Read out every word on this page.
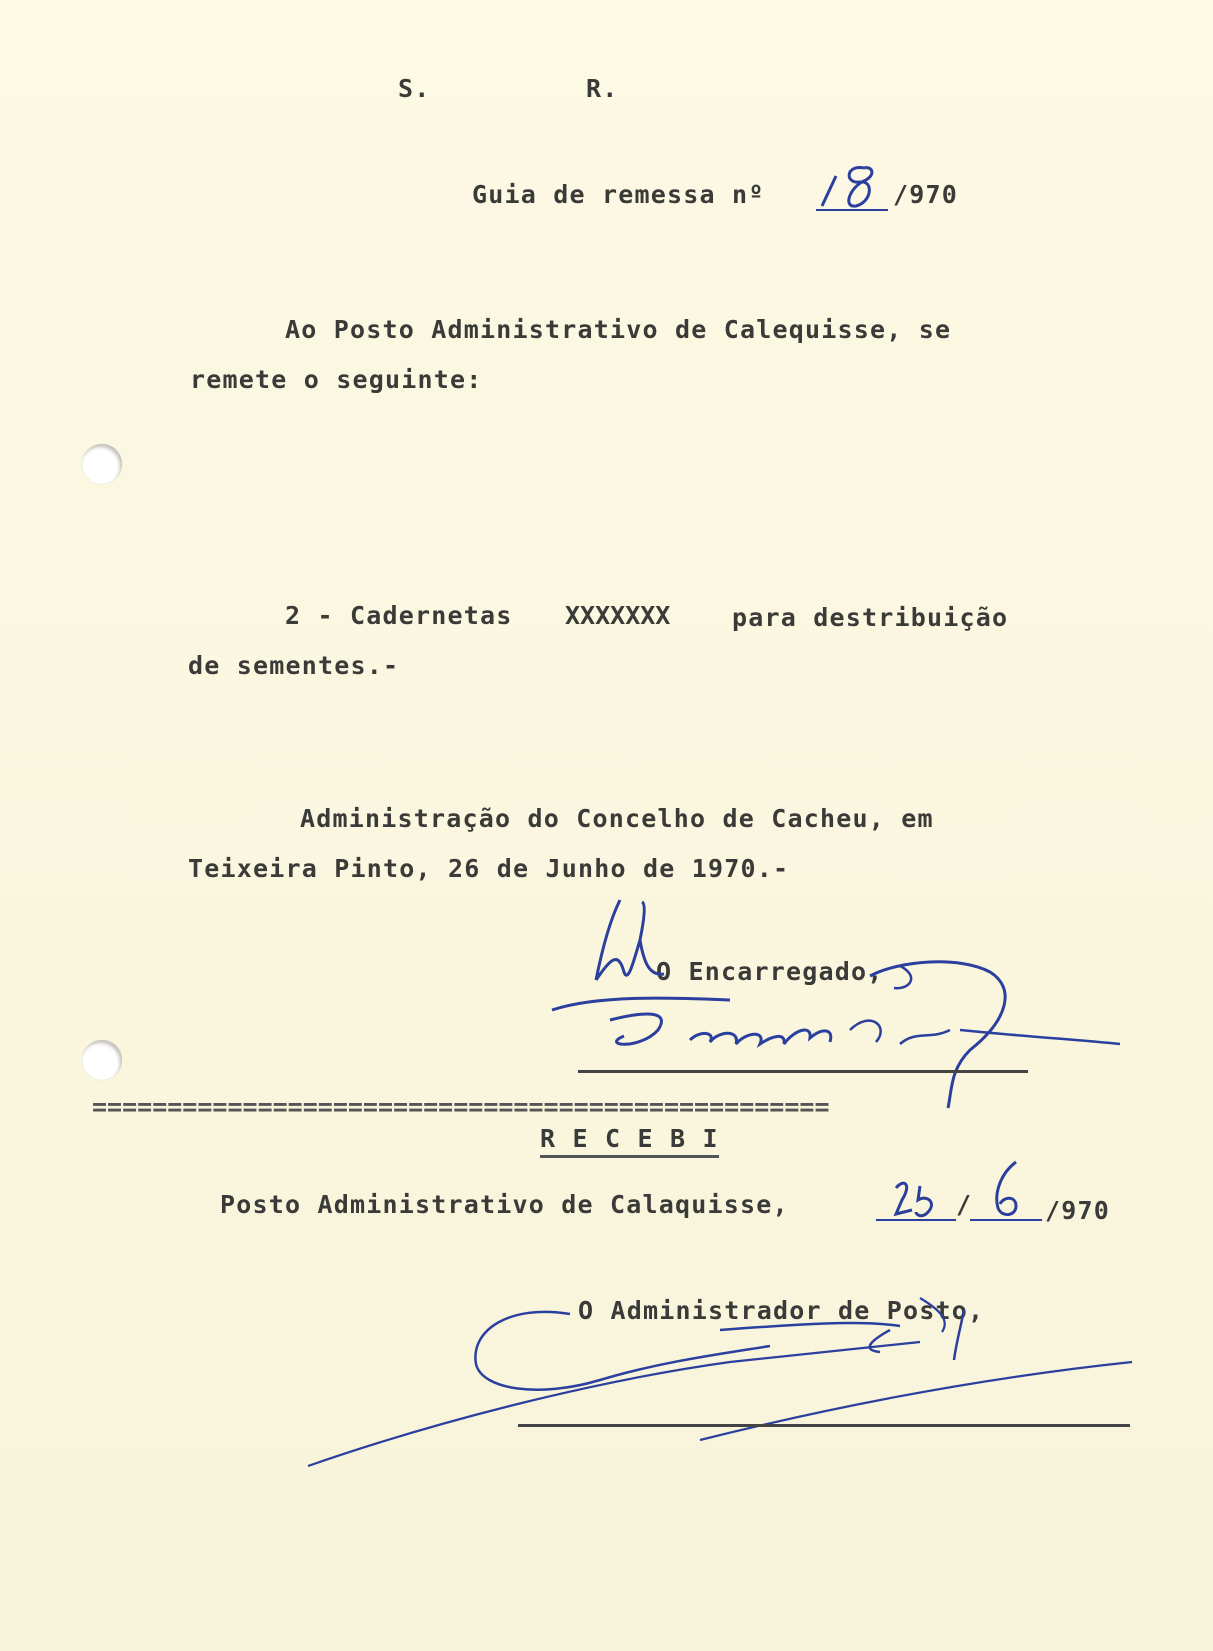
S.	R.
Guia de remessa nº	/970
Ao Posto Administrativo de Calequisse, se
remete o seguinte:
2 - Cadernetas XXXXXXX para destribuição
de sementes.-
Administração do Concelho de Cacheu, em
Teixeira Pinto, 26 de Junho de 1970.-
O Encarregado,
=================================================
R E C E B I
Posto Administrativo de Calaquisse,	/	/970
O Administrador de Posto,
